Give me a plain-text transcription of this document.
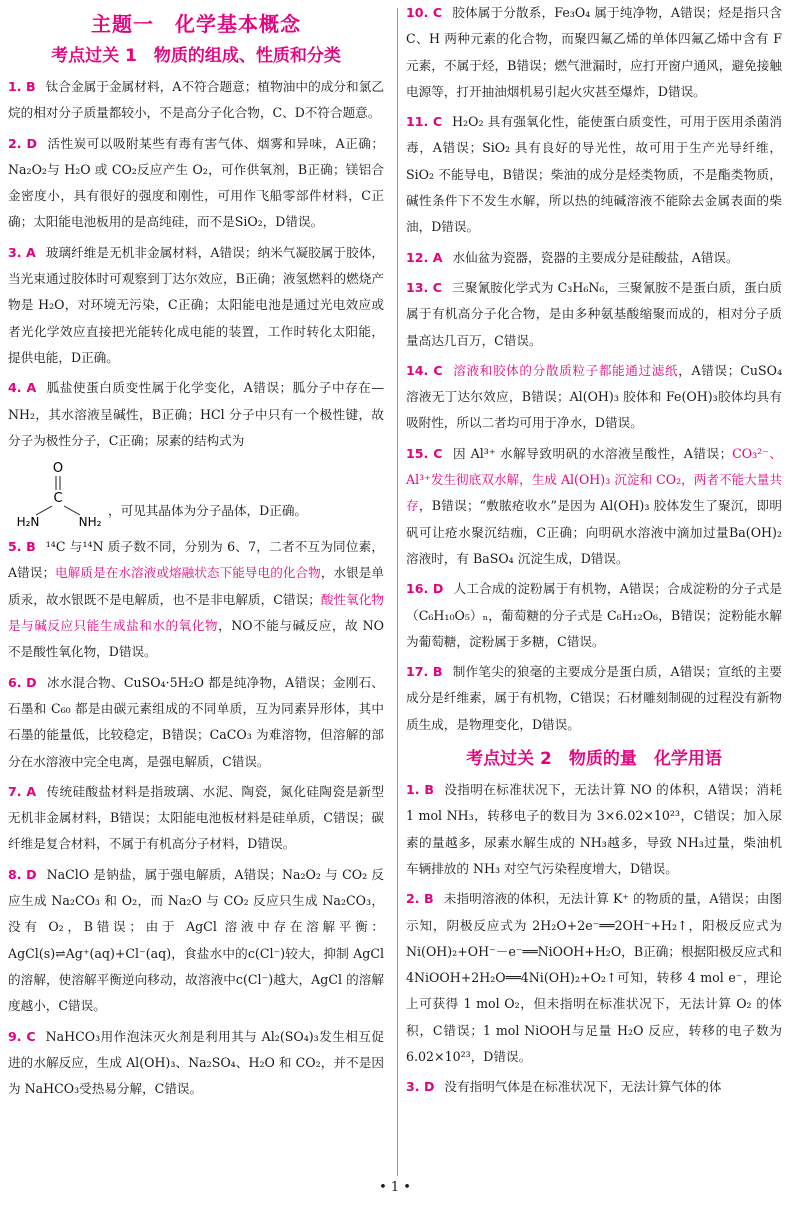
主题一　化学基本概念
考点过关 1　物质的组成、性质和分类
1. B 钛合金属于金属材料，A不符合题意；植物油中的成分和氯乙烷的相对分子质量都较小，不是高分子化合物，C、D不符合题意。
2. D 活性炭可以吸附某些有毒有害气体、烟雾和异味，A正确；Na₂O₂与 H₂O 或 CO₂反应产生 O₂，可作供氧剂，B正确；镁铝合金密度小，具有很好的强度和刚性，可用作飞船零部件材料，C正确；太阳能电池板用的是高纯硅，而不是SiO₂，D错误。
3. A 玻璃纤维是无机非金属材料，A错误；纳米气凝胶属于胶体，当光束通过胶体时可观察到丁达尔效应，B正确；液氢燃料的燃烧产物是 H₂O，对环境无污染，C正确；太阳能电池是通过光电效应或者光化学效应直接把光能转化成电能的装置，工作时转化太阳能，提供电能，D正确。
4. A 胍盐使蛋白质变性属于化学变化，A错误；胍分子中存在—NH₂，其水溶液呈碱性，B正确；HCl 分子中只有一个极性键，故分子为极性分子，C正确；尿素的结构式为
O
C
H₂N	NH₂
，可见其晶体为分子晶体，D正确。
5. B ¹⁴C 与¹⁴N 质子数不同，分别为 6、7，二者不互为同位素，A错误；电解质是在水溶液或熔融状态下能导电的化合物，水银是单质汞，故水银既不是电解质，也不是非电解质，C错误；酸性氧化物是与碱反应只能生成盐和水的氧化物，NO不能与碱反应，故 NO 不是酸性氧化物，D错误。
6. D 冰水混合物、CuSO₄·5H₂O 都是纯净物，A错误；金刚石、石墨和 C₆₀ 都是由碳元素组成的不同单质，互为同素异形体，其中石墨的能量低，比较稳定，B错误；CaCO₃ 为难溶物，但溶解的部分在水溶液中完全电离，是强电解质，C错误。
7. A 传统硅酸盐材料是指玻璃、水泥、陶瓷，氮化硅陶瓷是新型无机非金属材料，B错误；太阳能电池板材料是硅单质，C错误；碳纤维是复合材料，不属于有机高分子材料，D错误。
8. D NaClO 是钠盐，属于强电解质，A错误；Na₂O₂ 与 CO₂ 反应生成 Na₂CO₃ 和 O₂，而 Na₂O 与 CO₂ 反应只生成 Na₂CO₃，没有 O₂，B错误；由于 AgCl 溶液中存在溶解平衡：AgCl(s)⇌Ag⁺(aq)+Cl⁻(aq)，食盐水中的c(Cl⁻)较大，抑制 AgCl 的溶解，使溶解平衡逆向移动，故溶液中c(Cl⁻)越大，AgCl 的溶解度越小，C错误。
9. C NaHCO₃用作泡沫灭火剂是利用其与 Al₂(SO₄)₃发生相互促进的水解反应，生成 Al(OH)₃、Na₂SO₄、H₂O 和 CO₂，并不是因为 NaHCO₃受热易分解，C错误。
10. C 胶体属于分散系，Fe₃O₄ 属于纯净物，A错误；烃是指只含 C、H 两种元素的化合物，而聚四氟乙烯的单体四氟乙烯中含有 F 元素，不属于烃，B错误；燃气泄漏时，应打开窗户通风，避免接触电源等，打开抽油烟机易引起火灾甚至爆炸，D错误。
11. C H₂O₂ 具有强氧化性，能使蛋白质变性，可用于医用杀菌消毒，A错误；SiO₂ 具有良好的导光性，故可用于生产光导纤维，SiO₂ 不能导电，B错误；柴油的成分是烃类物质，不是酯类物质，碱性条件下不发生水解，所以热的纯碱溶液不能除去金属表面的柴油，D错误。
12. A 水仙盆为瓷器，瓷器的主要成分是硅酸盐，A错误。
13. C 三聚氰胺化学式为 C₃H₆N₆，三聚氰胺不是蛋白质，蛋白质属于有机高分子化合物，是由多种氨基酸缩聚而成的，相对分子质量高达几百万，C错误。
14. C 溶液和胶体的分散质粒子都能通过滤纸，A错误；CuSO₄ 溶液无丁达尔效应，B错误；Al(OH)₃ 胶体和 Fe(OH)₃胶体均具有吸附性，所以二者均可用于净水，D错误。
15. C 因 Al³⁺ 水解导致明矾的水溶液呈酸性，A错误；CO₃²⁻、Al³⁺发生彻底双水解，生成 Al(OH)₃ 沉淀和 CO₂，两者不能大量共存，B错误；“敷脓疮收水”是因为 Al(OH)₃ 胶体发生了聚沉，即明矾可让疮水聚沉结痂，C正确；向明矾水溶液中滴加过量Ba(OH)₂ 溶液时，有 BaSO₄ 沉淀生成，D错误。
16. D 人工合成的淀粉属于有机物，A错误；合成淀粉的分子式是（C₆H₁₀O₅）ₙ，葡萄糖的分子式是 C₆H₁₂O₆，B错误；淀粉能水解为葡萄糖，淀粉属于多糖，C错误。
17. B 制作笔尖的狼毫的主要成分是蛋白质，A错误；宣纸的主要成分是纤维素，属于有机物，C错误；石材雕刻制砚的过程没有新物质生成，是物理变化，D错误。
考点过关 2　物质的量　化学用语
1. B 没指明在标准状况下，无法计算 NO 的体积，A错误；消耗 1 mol NH₃，转移电子的数目为 3×6.02×10²³，C错误；加入尿素的量越多，尿素水解生成的 NH₃越多，导致 NH₃过量，柴油机车辆排放的 NH₃ 对空气污染程度增大，D错误。
2. B 未指明溶液的体积，无法计算 K⁺ 的物质的量，A错误；由图示知，阴极反应式为 2H₂O+2e⁻══2OH⁻+H₂↑，阳极反应式为 Ni(OH)₂+OH⁻－e⁻══NiOOH+H₂O，B正确；根据阳极反应式和 4NiOOH+2H₂O══4Ni(OH)₂+O₂↑可知，转移 4 mol e⁻，理论上可获得 1 mol O₂，但未指明在标准状况下，无法计算 O₂ 的体积，C错误；1 mol NiOOH与足量 H₂O 反应，转移的电子数为 6.02×10²³，D错误。
3. D 没有指明气体是在标准状况下，无法计算气体的体
• 1 •
